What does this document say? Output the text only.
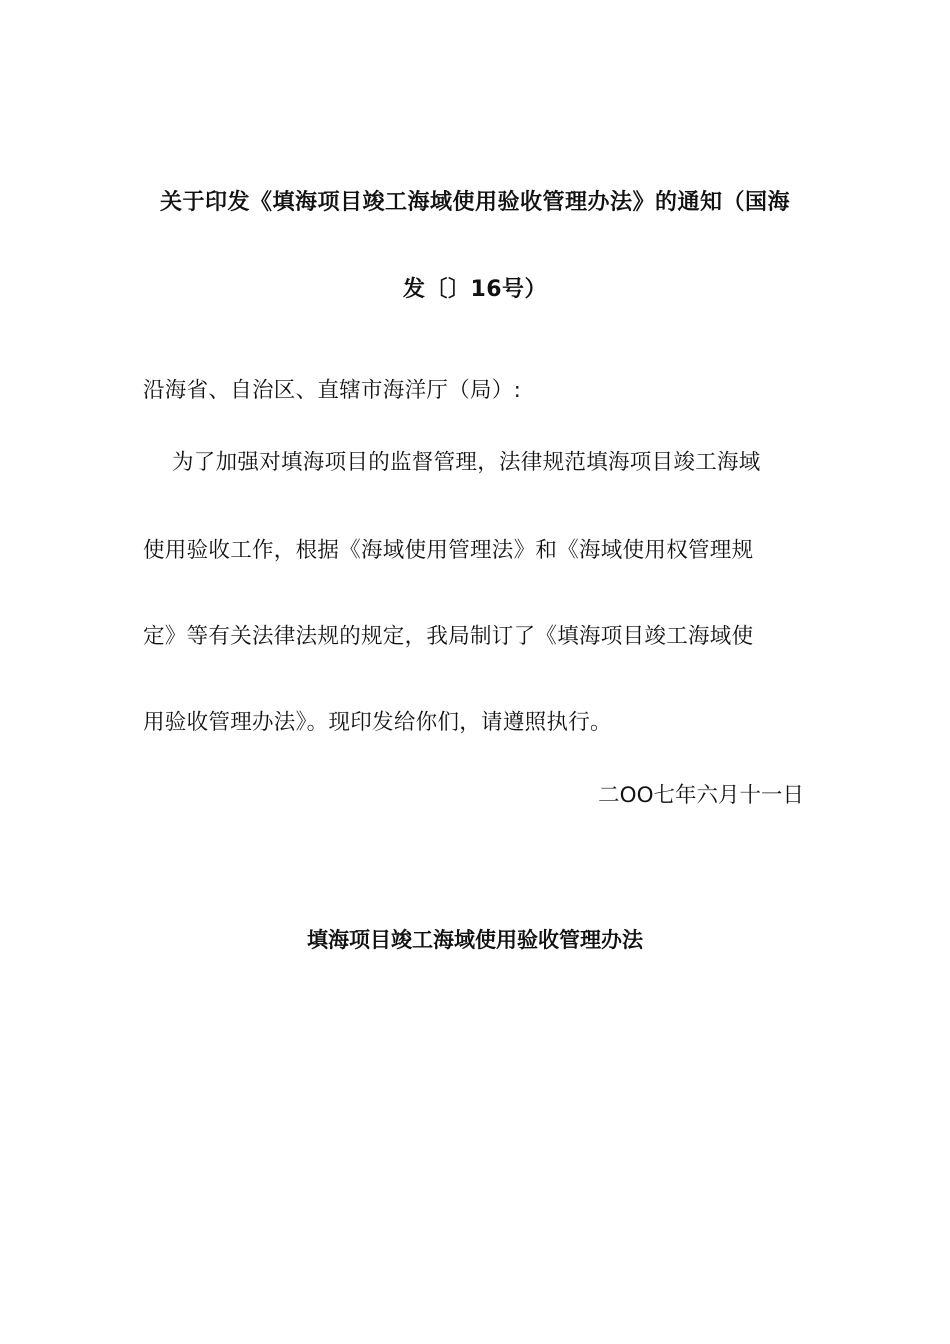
关于印发《填海项目竣工海域使用验收管理办法》的通知（国海
发〔〕16号）
沿海省、自治区、直辖市海洋厅（局）:
为了加强对填海项目的监督管理，法律规范填海项目竣工海域
使用验收工作，根据《海域使用管理法》和《海域使用权管理规
定》等有关法律法规的规定，我局制订了《填海项目竣工海域使
用验收管理办法》。现印发给你们，请遵照执行。
二OO七年六月十一日
填海项目竣工海域使用验收管理办法
